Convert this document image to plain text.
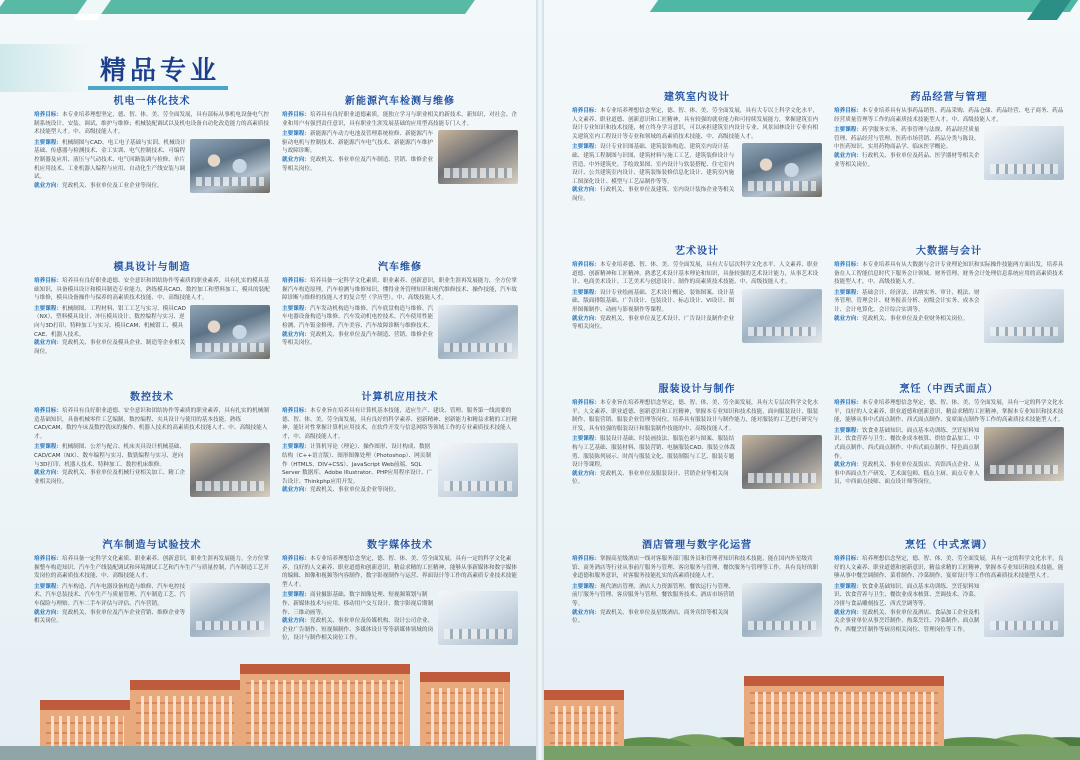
精品专业
机电一体化技术
培养目标：本专业培养理想坚定，德、智、体、美、劳全面发展，具有部标从事机电设备电气控制系统设计、安装、调试、维护与维修；机械装配调试以及机电设备自动化改造能力的高素质技术技能型人才。中、高级技能人才。
主要课程：机械制图与CAD、电工电子基础与实训、机械设计基础、传感器与检测技术、金工实训、电气控制技术、可编程控制器及应用、液压与气动技术、电气回路装调与检修、单片机应用技术、工业机器人编程与应用、自动化生产线安装与调试。
就业方向：党政机关、事业单位及工业企业等岗位。
新能源汽车检测与维修
培养目标：培养具有良好职业道德素质，能独立学习与职业相关的新技术、新知识，对社会、企业和用户有强烈责任意识，具有职业生涯发展基础的应用型高技能专门人才。
主要课程：新能源汽车动力电池及管理系统检修、新能源汽车驱动电机与控制技术、新能源汽车电气技术、新能源汽车维护与故障诊断。
就业方向：党政机关、事业单位及汽车制造、营销、维修企业等相关岗位。
模具设计与制造
培养目标：培养具有良好职业道德、安全意识和团结协作等素质的职业素养，具有扎实的模具基础知识，具备模具设计和模具制造专业能力，熟练模具CAD、数控加工和塑料加工，模具的装配与维修，模具设备操作与保养的高素质技术技能、中、高级技能人才。
主要课程：机械制图、工程材料、钳工工艺与实习、模具CAD（NX）、塑料模具设计、冲压模具设计、数控编程与实习、逆向与3D打印、特种加工与实习、模具CAM、机械钳工、模具CAE、机器人技术。
就业方向：党政机关、事业单位及模具企业、制造等企业相关岗位。
汽车维修
培养目标：培养具备一定科学文化素质、职业素养、创新意识，职业生涯再发展能力，全方位掌握汽车构造原理，汽车检测与维修知识，懂得业务管理知识和现代维修技术、操作技能，汽车故障诊断与维修的技能人才的复合型（学历型），中、高级技能人才。
主要课程：汽车发动机构造与维修、汽车底盘构造与维修、汽车电器设备构造与维修、汽车发动机电控技术、汽车使用性能检测、汽车钣金修理、汽车美容、汽车故障诊断与维修技术。
就业方向：党政机关、事业单位及汽车制造、营销、维修企业等相关岗位。
数控技术
培养目标：培养具有良好职业道德、安全意识和团结协作等素质的职业素养，具有扎实的机械制造基础知识，具备机械零件工艺编制、数控编程、夹具设计与使用的基本技能，熟练CAD/CAM、数控车床及数控铣床的操作、机器人技术的高素质技术技能人才、中、高级技能人才。
主要课程：机械制图、公差与配合、机床夹具设计机械基础、CAD/CAM（NX）、数车编程与实习、数铣编程与实习、逆向与3D打印、机器人技术、特种加工、数控机床维修。
就业方向：党政机关、事业单位及机械行业相关加工、精工企业相关岗位。
计算机应用技术
培养目标：本专业旨在培养具有计算机基本技能，适应生产、建设、管理、服务第一线需要的德、智、体、美、劳全面发展，具有良好的科学素养、创新精神、创新能力和精益求精的工匠精神，能针对性掌握计算机应用技术，在软件开发与信息网络等领域工作的专业素质技术技能人才，中、高级技能人才。
主要课程：计算机导论（理论）、操作图形、设计构成、数据结构（C++语言版）、图形图像处理（Photoshop）、网页制作（HTML5、DIV+CSS）、JavaScript Web前端、SQL Server 数据库、Adobe Illustrator、PHP应用程序设计、广告设计、Thinkphp应用开发。
就业方向：党政机关、事业单位及企业等岗位。
汽车制造与试验技术
培养目标：培养具备一定科学文化素质、职业素养、创新意识，职业生涯再发展能力，全方位掌握整车构造知识、汽车生产线装配调试和环境测试工艺和汽车生产与质量控制，汽车制造工艺开发岗位的高素质技术技能、中、高级技能人才。
主要课程：汽车构造、汽车电器设备构造与维修、汽车电控技术、汽车总装技术、汽车生产与质量管理、汽车制造工艺、汽车保险与理赔、汽车二手车评估与评估、汽车营销。
就业方向：党政机关、事业单位及汽车企业营销、维修企业等相关岗位。
数字媒体技术
培养目标：本专业培养理想信念坚定，德、智、体、美、劳全面发展，具有一定的科学文化素养，良好的人文素养、职业道德和创新意识，精益求精的工匠精神，能够从事新媒体和数字媒体的编辑、图像和视频等内容制作，数字影视制作与运营、界面设计等工作的高素质专业技术技能型人才。
主要课程：商业摄影基础、数字图像处理、短视频策划与制作、新媒体技术与应用、移动用户交互设计、数字影视后期制作、三维动画等。
就业方向：党政机关、事业单位及传媒机构、设计公司企业、企业广告制作、短视频制作、多媒体设计等等新媒体领域的岗位，设计与制作相关岗位工作。
建筑室内设计
培养目标：本专业培养理想信念坚定，德、智、体、美、劳全面发展，具有大专以上科学文化水平，人文素养、职业道德、创新意识和工匠精神，具有较强的就业能力和可持续发展能力，掌握建筑室内设计专业知识和技术技能，树立终身学习意识，可以承担建筑室内设计专业、风景园林设计专业有相关建筑室内工程设计等专业和领域的高素质技术技能、中、高级技能人才。
主要课程：设计专业识图基础、建筑装饰构造、建筑室内设计基础、建筑工程制图与识图、建筑材料与施工工艺、建筑装修设计与营造、中外建筑史、手绘效果图、室内设计与软装搭配、住宅室内设计、公共建筑室内设计、建筑装饰装修信息化设计、建筑室内施工图深化设计、模型与工艺品制作等等。
就业方向：行政机关、事业单位及建筑、室内设计装饰企业等相关岗位。
药品经营与管理
培养目标：本专业培养具有从事药品销售、药品采购、药品仓储、药品经营、电子商务、药品经营质量管理等工作的高素质技术技能型人才。中、高级技能人才。
主要课程：药学服务实务、药事管理与法规、药品经营质量管理、药品经营与管理、医药市场营销、药品分类与陈设、中医药知识、实用药物商品学、临床医学概论。
就业方向：行政机关、事业单位及药品、医学器材等相关企业等相关岗位。
艺术设计
培养目标：本专业培养德、智、体、美、劳全面发展，具有大专层次科学文化水平、人文素养、职业道德、创新精神和工匠精神，熟悉艺术设计基本理论和知识，具备较强的艺术设计能力，从事艺术设计、电商美术设计、工艺美术与创意设计、制作的高素质技术技能、中、高级技能人才。
主要课程：设计专业绘画基础、艺术设计概论、装饰图案、设计基础、版面排版基础、广告设计、包装设计、标志设计、VI设计、图形图像制作、动画与影视制作等课程。
就业方向：党政机关、事业单位及艺术设计、广告设计及制作企业等相关岗位。
大数据与会计
培养目标：本专业培养具有从大数据与会计专业理论知识和实际操作技能两方面出发，培养具备在人工智能信息时代下服务会计领域、财务管理、财务会计处理信息系统应用的高素质技术技能型人才，中、高级技能人才。
主要课程：基础会计、经济法、出纳实务、审计、税法、财务管理、管理会计、财务报表分析、初级会计实务、成本会计、会计电算化、会计综合实训等。
就业方向：党政机关、事业单位及企业财务相关岗位。
服装设计与制作
培养目标：本专业旨在培养理想信念坚定，德、智、体、美、劳全面发展，具有大专层次科学文化水平、人文素养、职业道德、创新意识和工匠精神，掌握本专业知识和技术技能，面向服装设计、服装制作、服装营销、服装企业管理等岗位，培养具有服装设计与制作能力，能对服装的工艺进行研究与开发，具有较强的服装设计和服装制作技能的中、高级技能人才。
主要课程：服装设计基础、时装画技法、服装色彩与图案、服装结构与工艺基础、服装材料、服装营销、电脑服装CAD、服装立体裁剪、服装陈列展示、时尚与服装文化、服装制版与工艺、服装专题设计等课程。
就业方向：党政机关、事业单位及服装设计、营销企业等相关岗位。
烹饪（中西式面点）
培养目标：本专业培养理想信念坚定，德、智、体、美、劳全面发展，具有一定的科学文化水平，良好的人文素养、职业道德和创新意识，精益求精的工匠精神，掌握本专业知识和技术技能，能够从事中式面点制作、西式面点制作、宴席面点制作等工作的高素质技术技能型人才。
主要课程：饮食业基础知识、面点基本功训练、烹饪原料知识、饮食营养与卫生、餐饮业成本核算、烘焙食品加工、中式面点制作、西式面点制作、中西式面点制作、特色面点制作。
就业方向：党政机关、事业单位及饭店、宾馆西点企业、从事中西面点生产研发、艺术面包师、糕点主厨、面点专业人员，中西面点技师、面点设计师等岗位。
酒店管理与数字化运营
培养目标：掌握高星级酒店一线对客服务部门服务员和管理者知识和技术技能，能在国内外星级宾馆、商务酒店等行业从事前厅服务与管理、客房服务与管理、餐饮服务与管理等工作，具有良好的职业道德和服务意识，对客服务技能扎实的高素质技能人才。
主要课程：现代酒店管理、酒店人力资源管理、餐饮运行与管理、前厅服务与管理、客房服务与管理、餐饮服务技术、酒店市场营销等。
就业方向：党政机关、事业单位及星级酒店、商务宾馆等相关岗位。
烹饪（中式烹调）
培养目标：培养理想信念坚定，德、智、体、美、劳全面发展，具有一定的科学文化水平，良好的人文素养、职业道德和创新意识，精益求精的工匠精神，掌握本专业知识和技术技能，能够从事中餐烹调制作、菜肴制作、冷菜制作、宴席设计等工作的高素质技术技能型人才。
主要课程：饮食业基础知识、面点基本功训练、烹饪原料知识、饮食营养与卫生、餐饮业成本核算、烹调技术、冷菜、冷拼与食品雕刻技艺、西式烹调等等。
就业方向：党政机关、事业单位及酒店、食品加工企业及机关企事业单位从事烹饪制作、热菜烹饪、冷菜制作、面点制作、西餐烹饪制作等厨房相关岗位、管理岗位等工作。
